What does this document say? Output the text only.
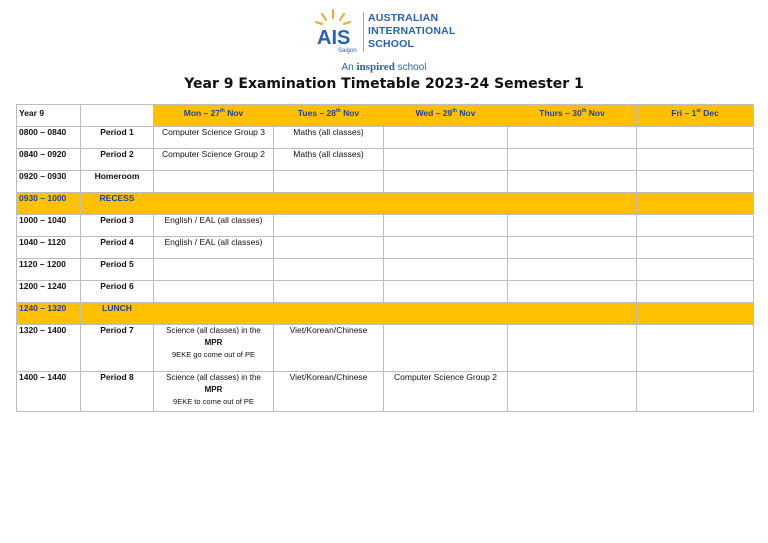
AIS
Saigon
AUSTRALIAN
INTERNATIONAL
SCHOOL
An inspired school
Year 9 Examination Timetable 2023-24 Semester 1
Year 9		Mon – 27th Nov	Tues – 28th Nov	Wed – 29th Nov	Thurs – 30th Nov	Fri – 1st Dec
0800 – 0840	Period 1	Computer Science Group 3	Maths (all classes)			
0840 – 0920	Period 2	Computer Science Group 2	Maths (all classes)			
0920 – 0930	Homeroom					
0930 – 1000	RECESS					
1000 – 1040	Period 3	English / EAL (all classes)				
1040 – 1120	Period 4	English / EAL (all classes)				
1120 – 1200	Period 5					
1200 – 1240	Period 6					
1240 – 1320	LUNCH					
1320 – 1400	Period 7	Science (all classes) in the
MPR
9EKE go come out of PE	Viet/Korean/Chinese			
1400 – 1440	Period 8	Science (all classes) in the
MPR
9EKE to come out of PE	Viet/Korean/Chinese	Computer Science Group 2		
